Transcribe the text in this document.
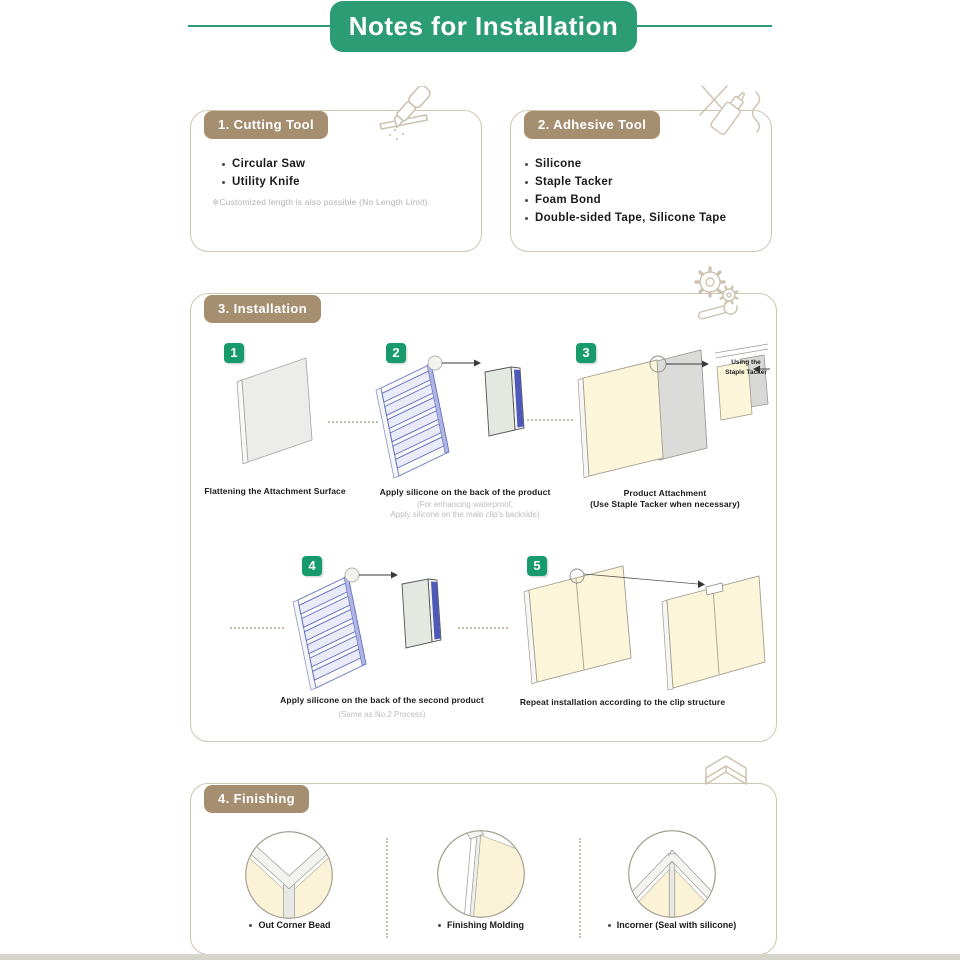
Notes for Installation
1. Cutting Tool
Circular Saw
Utility Knife
※Customized length is also possible (No Length Limit)
2. Adhesive Tool
Silicone
Staple Tacker
Foam Bond
Double-sided Tape, Silicone Tape
3. Installation
1
Flattening the Attachment Surface
2
Apply silicone on the back of the product
(For enhancing waterproof,
Apply silicone on the male clip's backside)
3
Using the
Staple Tacker
Product Attachment
(Use Staple Tacker when necessary)
4
Apply silicone on the back of the second product
(Same as No.2 Process)
5
Repeat installation according to the clip structure
4. Finishing
Out Corner Bead	Finishing Molding	Incorner (Seal with silicone)
